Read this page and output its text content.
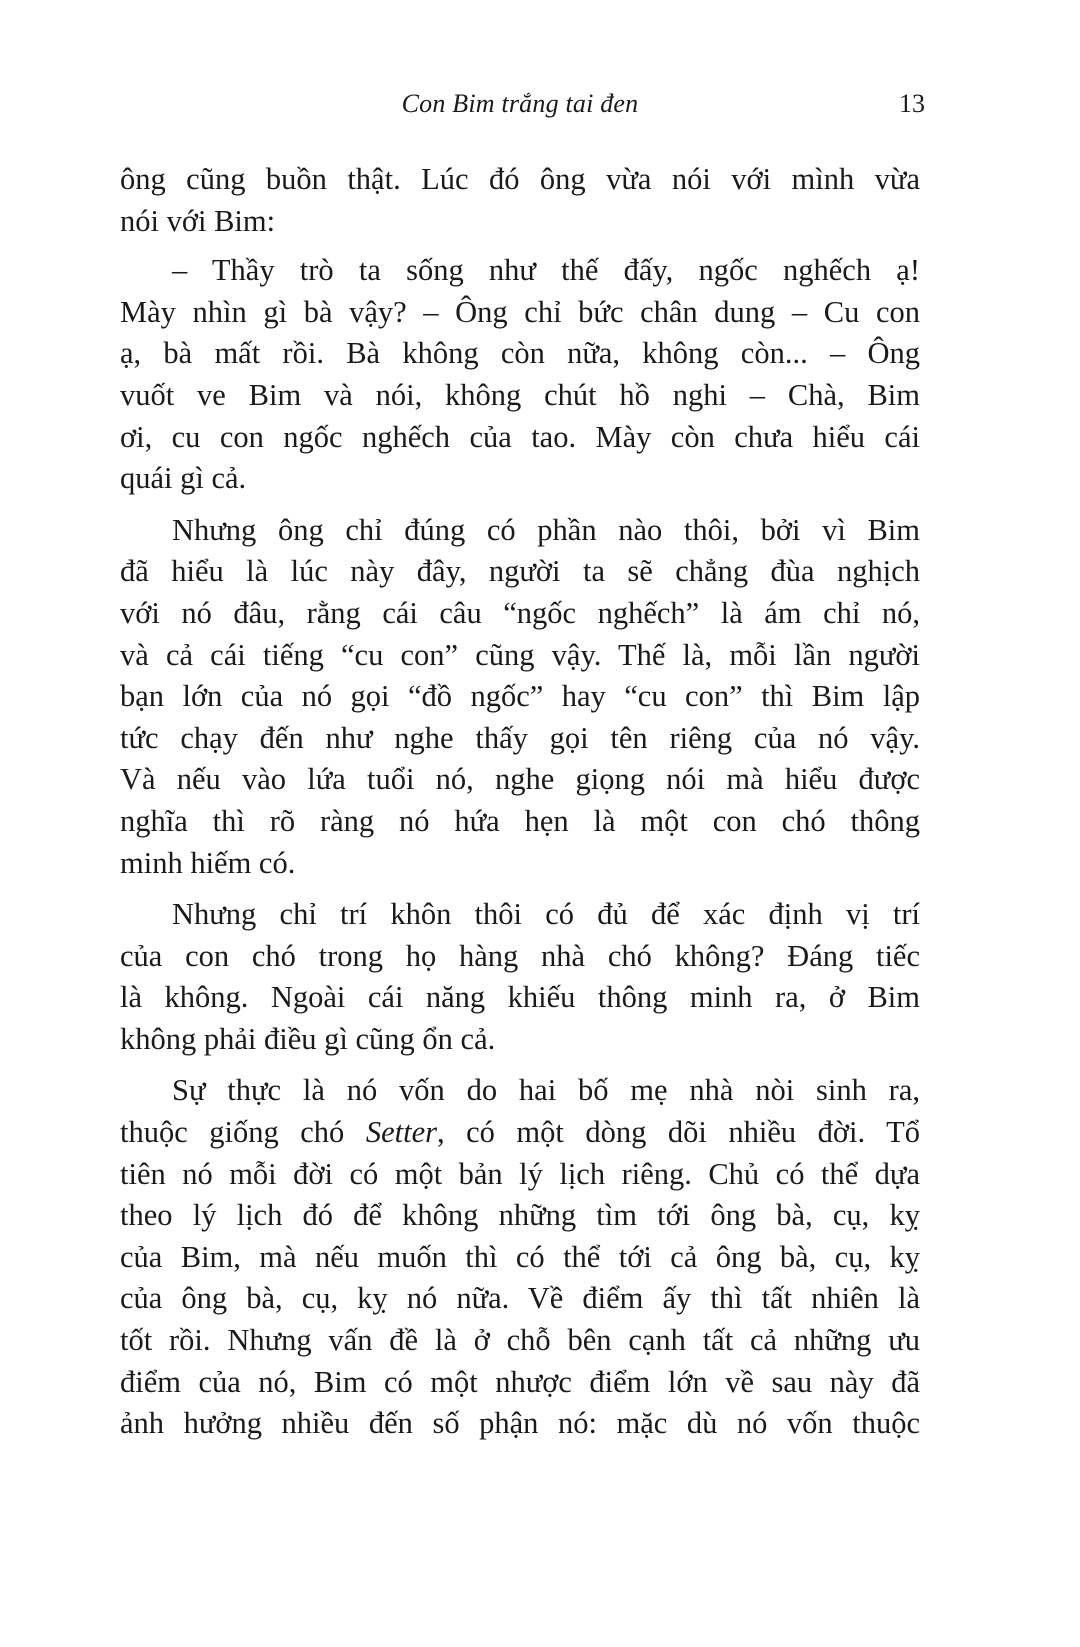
Con Bim trắng tai đen	13
ông cũng buồn thật. Lúc đó ông vừa nói với mình vừa
nói với Bim:
– Thầy trò ta sống như thế đấy, ngốc nghếch ạ!
Mày nhìn gì bà vậy? – Ông chỉ bức chân dung – Cu con
ạ, bà mất rồi. Bà không còn nữa, không còn... – Ông
vuốt ve Bim và nói, không chút hồ nghi – Chà, Bim
ơi, cu con ngốc nghếch của tao. Mày còn chưa hiểu cái
quái gì cả.
Nhưng ông chỉ đúng có phần nào thôi, bởi vì Bim
đã hiểu là lúc này đây, người ta sẽ chẳng đùa nghịch
với nó đâu, rằng cái câu “ngốc nghếch” là ám chỉ nó,
và cả cái tiếng “cu con” cũng vậy. Thế là, mỗi lần người
bạn lớn của nó gọi “đồ ngốc” hay “cu con” thì Bim lập
tức chạy đến như nghe thấy gọi tên riêng của nó vậy.
Và nếu vào lứa tuổi nó, nghe giọng nói mà hiểu được
nghĩa thì rõ ràng nó hứa hẹn là một con chó thông
minh hiếm có.
Nhưng chỉ trí khôn thôi có đủ để xác định vị trí
của con chó trong họ hàng nhà chó không? Đáng tiếc
là không. Ngoài cái năng khiếu thông minh ra, ở Bim
không phải điều gì cũng ổn cả.
Sự thực là nó vốn do hai bố mẹ nhà nòi sinh ra,
thuộc giống chó Setter, có một dòng dõi nhiều đời. Tổ
tiên nó mỗi đời có một bản lý lịch riêng. Chủ có thể dựa
theo lý lịch đó để không những tìm tới ông bà, cụ, kỵ
của Bim, mà nếu muốn thì có thể tới cả ông bà, cụ, kỵ
của ông bà, cụ, kỵ nó nữa. Về điểm ấy thì tất nhiên là
tốt rồi. Nhưng vấn đề là ở chỗ bên cạnh tất cả những ưu
điểm của nó, Bim có một nhược điểm lớn về sau này đã
ảnh hưởng nhiều đến số phận nó: mặc dù nó vốn thuộc
